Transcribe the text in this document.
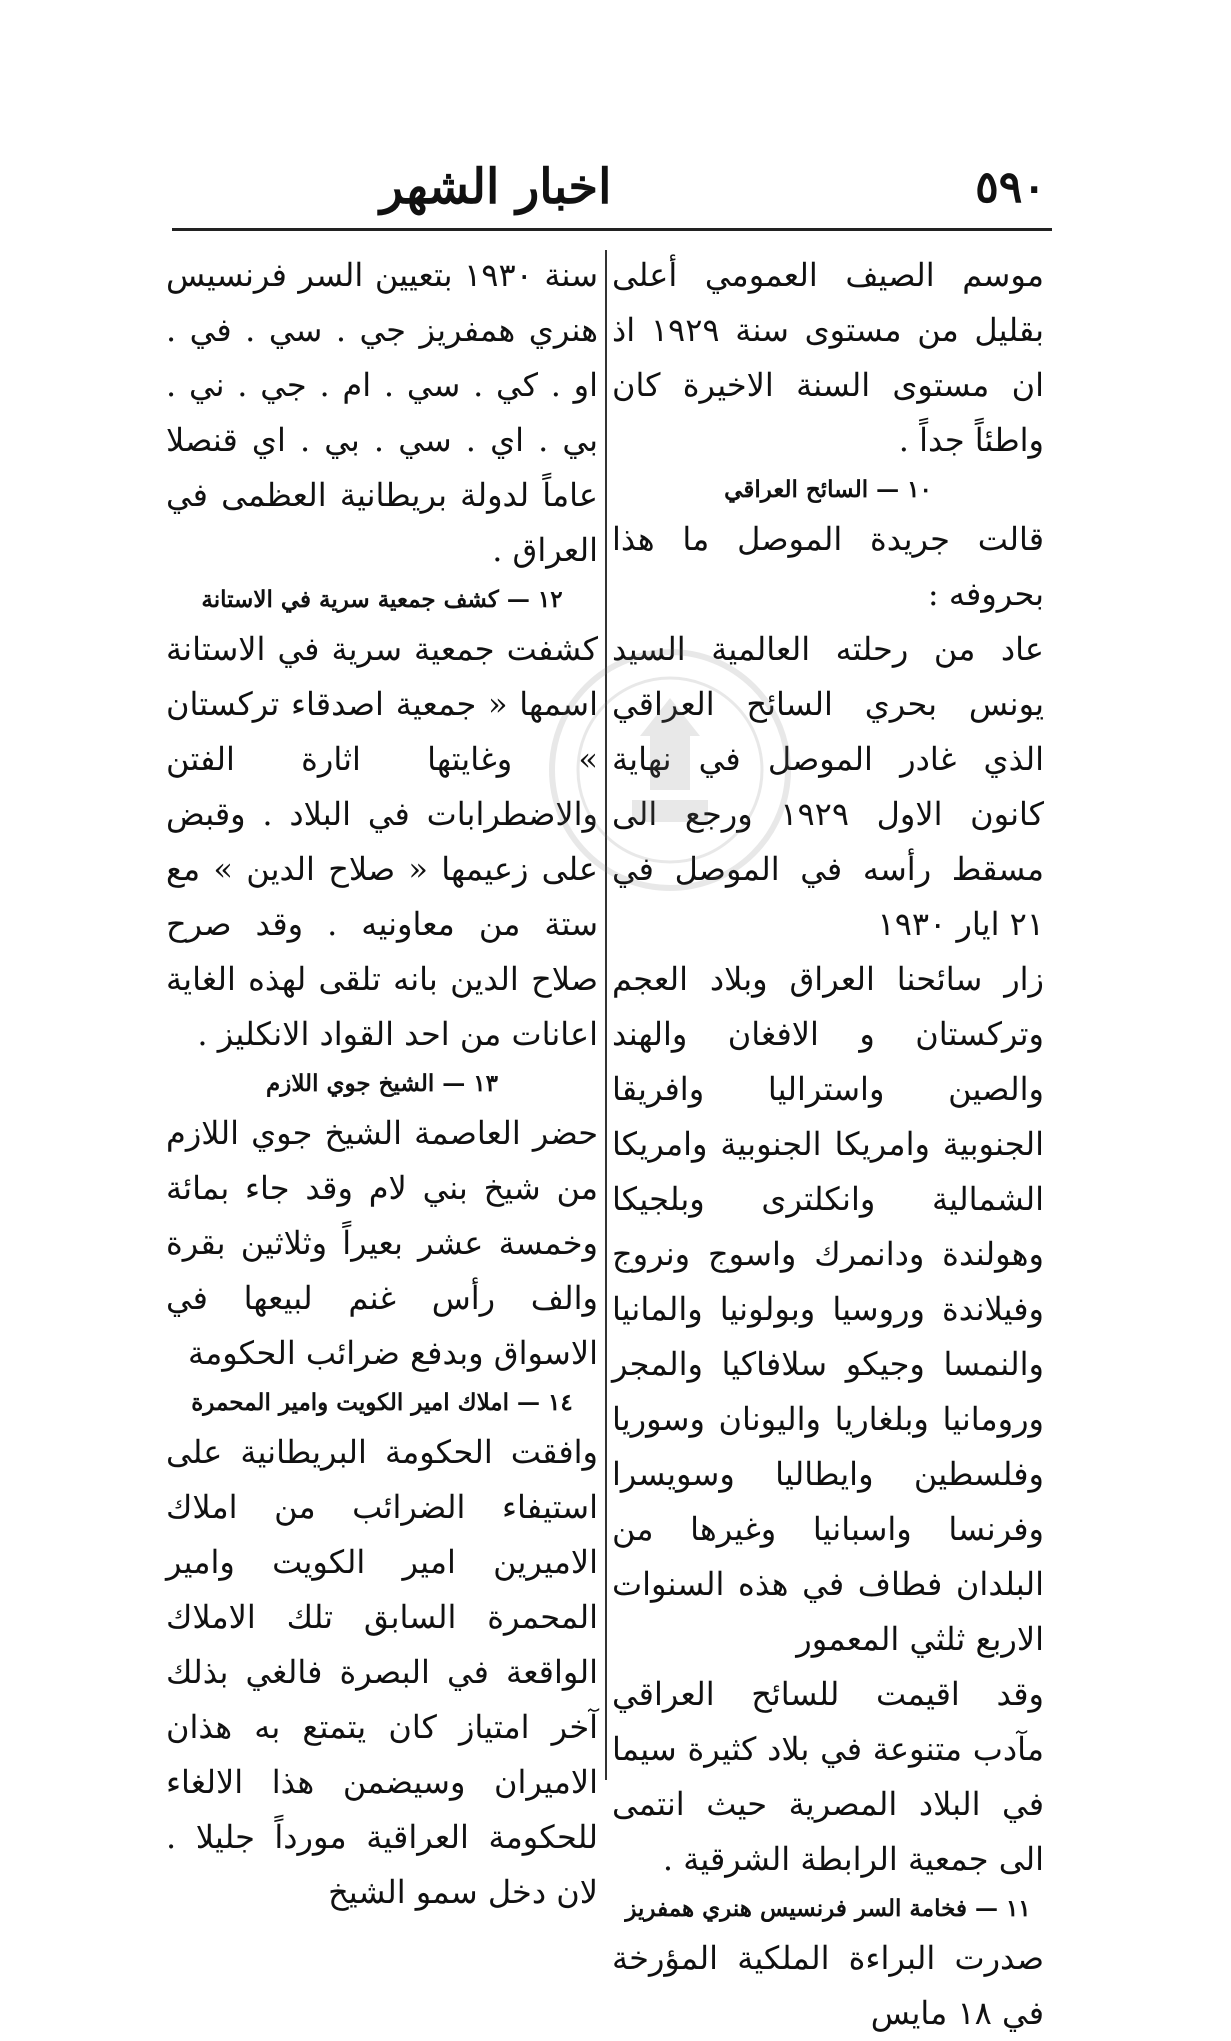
٥٩٠
اخبار الشهر

موسم الصيف العمومي أعلى بقليل من مستوى سنة ١٩٢٩ اذ ان مستوى السنة الاخيرة كان واطئاً جداً .

١٠ — السائح العراقي

قالت جريدة الموصل ما هذا بحروفه :

عاد من رحلته العالمية السيد يونس بحري السائح العراقي الذي غادر الموصل في نهاية كانون الاول ١٩٢٩ ورجع الى مسقط رأسه في الموصل في ٢١ ايار ١٩٣٠

زار سائحنا العراق وبلاد العجم وتركستان و الافغان والهند والصين واستراليا وافريقا الجنوبية وامريكا الجنوبية وامريكا الشمالية وانكلترى وبلجيكا وهولندة ودانمرك واسوج ونروج وفيلاندة وروسيا وبولونيا والمانيا والنمسا وجيكو سلافاكيا والمجر ورومانيا وبلغاريا واليونان وسوريا وفلسطين وايطاليا وسويسرا وفرنسا واسبانيا وغيرها من البلدان فطاف في هذه السنوات الاربع ثلثي المعمور

وقد اقيمت للسائح العراقي مآدب متنوعة في بلاد كثيرة سيما في البلاد المصرية حيث انتمى الى جمعية الرابطة الشرقية .

١١ — فخامة السر فرنسيس هنري همفريز

صدرت البراءة الملكية المؤرخة في ١٨ مايس

سنة ١٩٣٠ بتعيين السر فرنسيس هنري همفريز جي . سي . في . او . كي . سي . ام . جي . ني . بي . اي . سي . بي . اي قنصلا عاماً لدولة بريطانية العظمى في العراق .

١٢ — كشف جمعية سرية في الاستانة

كشفت جمعية سرية في الاستانة اسمها « جمعية اصدقاء تركستان » وغايتها اثارة الفتن والاضطرابات في البلاد . وقبض على زعيمها « صلاح الدين » مع ستة من معاونيه . وقد صرح صلاح الدين بانه تلقى لهذه الغاية اعانات من احد القواد الانكليز .

١٣ — الشيخ جوي اللازم

حضر العاصمة الشيخ جوي اللازم من شيخ بني لام وقد جاء بمائة وخمسة عشر بعيراً وثلاثين بقرة والف رأس غنم لبيعها في الاسواق وبدفع ضرائب الحكومة

١٤ — املاك امير الكويت وامير المحمرة

وافقت الحكومة البريطانية على استيفاء الضرائب من املاك الاميرين امير الكويت وامير المحمرة السابق تلك الاملاك الواقعة في البصرة فالغي بذلك آخر امتياز كان يتمتع به هذان الاميران وسيضمن هذا الالغاء للحكومة العراقية مورداً جليلا . لان دخل سمو الشيخ
